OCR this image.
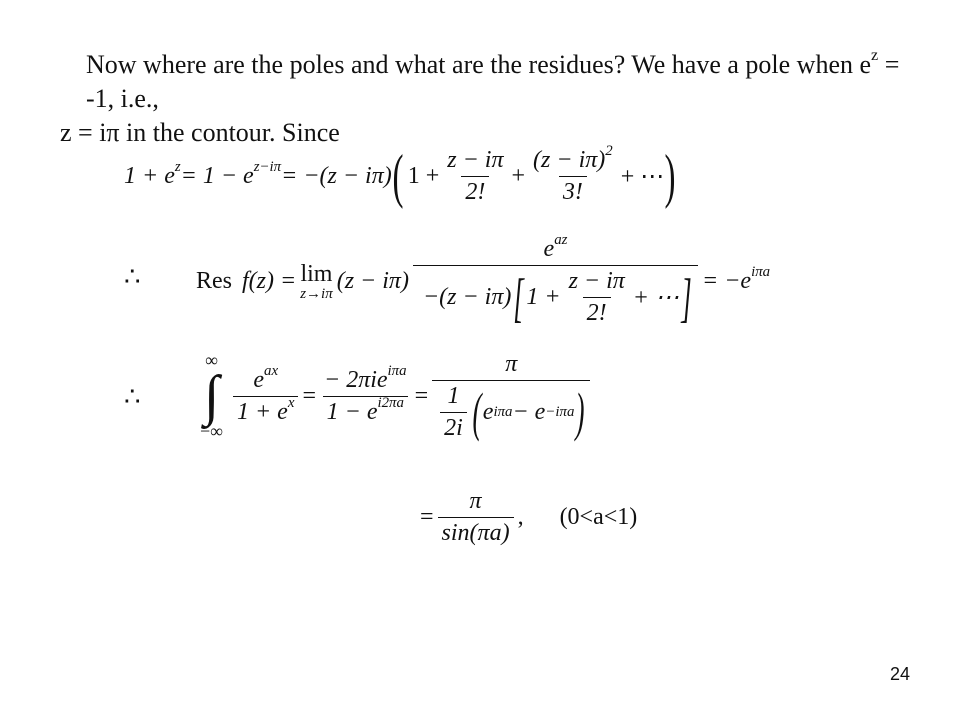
Now where are the poles and what are the residues? We have a pole when $e^z = -1$, i.e.,
z = iπ in the contour. Since
$1 + e^z = 1 - e^{z-i\pi} = -(z - i\pi)$ ( $1 + \frac{z - i\pi}{2!} + \frac{(z - i\pi)^2}{3!}$ + ⋯ )
∴ Res f(z) = lim
z→iπ (z − iπ)
$e^{az}$
−(z − iπ) [ $1 + \frac{z - i\pi}{2!}$ + ⋯ ] = $-e^{i\pi a}$
∴
∞
∫
−∞
$\frac{e^{ax}}{1 + e^x} = \frac{- 2\pi ie^{i\pi a}}{1 - e^{i2\pi a}}$ =
π
$\frac{1}{2i}$ ( e iπa − e −iπa )
= $\frac{\pi}{\sin(\pi a)}$ , (0<a<1)
24
